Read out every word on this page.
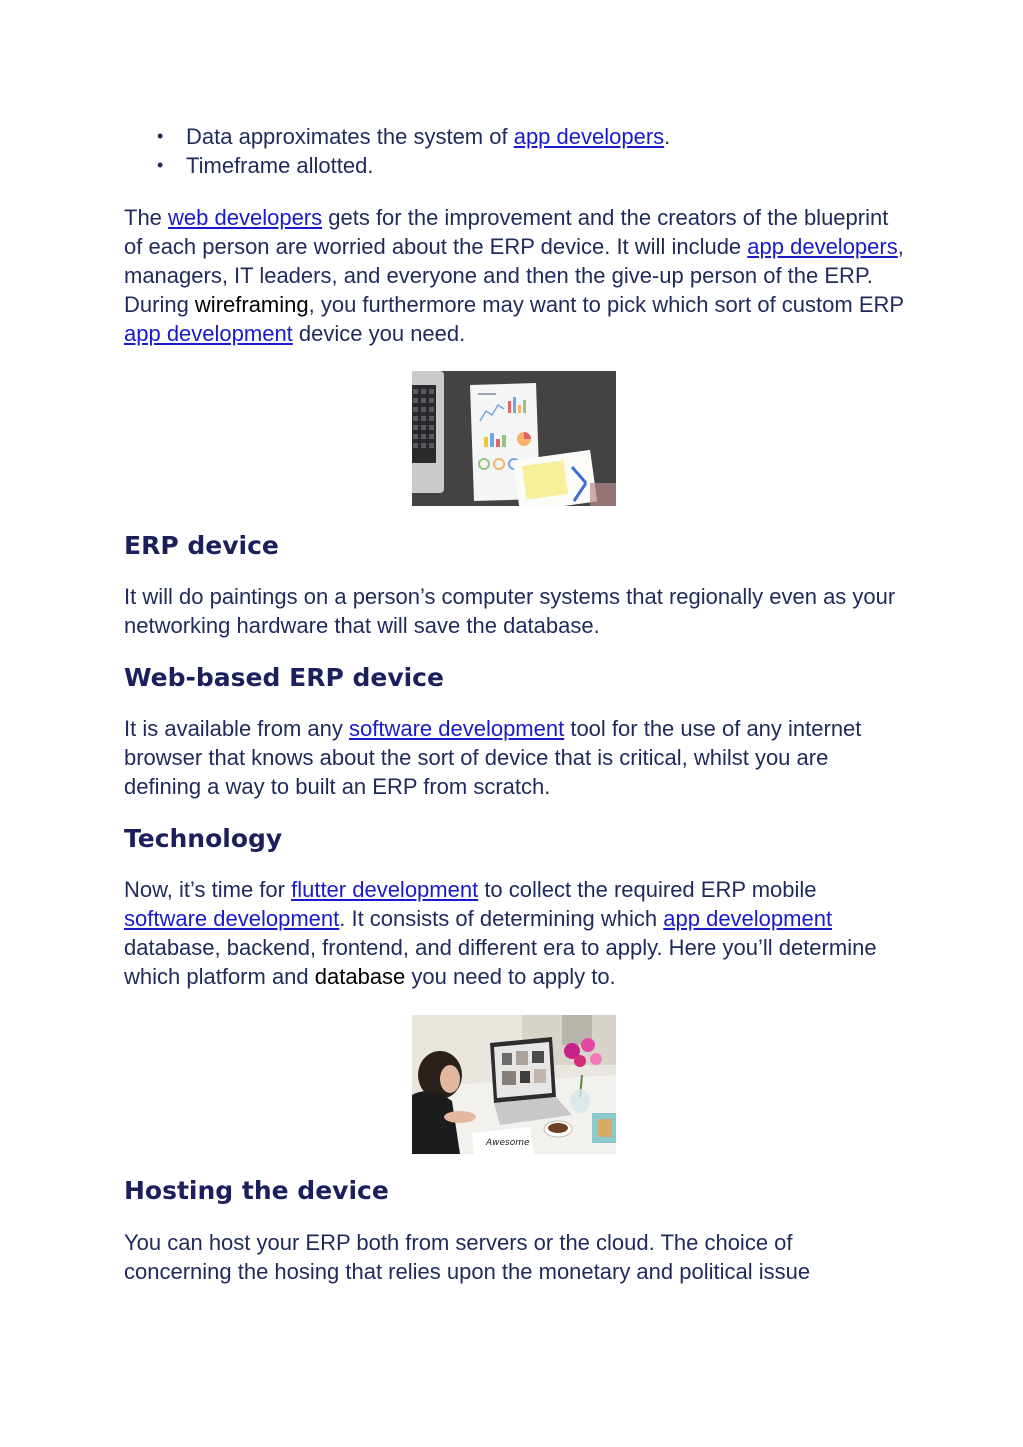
• Data approximates the system of app developers.
• Timeframe allotted.

The web developers gets for the improvement and the creators of the blueprint of each person are worried about the ERP device. It will include app developers, managers, IT leaders, and everyone and then the give-up person of the ERP. During wireframing, you furthermore may want to pick which sort of custom ERP app development device you need.

ERP device

It will do paintings on a person’s computer systems that regionally even as your networking hardware that will save the database.

Web-based ERP device

It is available from any software development tool for the use of any internet browser that knows about the sort of device that is critical, whilst you are defining a way to built an ERP from scratch.

Technology

Now, it’s time for flutter development to collect the required ERP mobile software development. It consists of determining which app development database, backend, frontend, and different era to apply. Here you’ll determine which platform and database you need to apply to.

Awesome
Hosting the device

You can host your ERP both from servers or the cloud. The choice of concerning the hosing that relies upon the monetary and political issue
